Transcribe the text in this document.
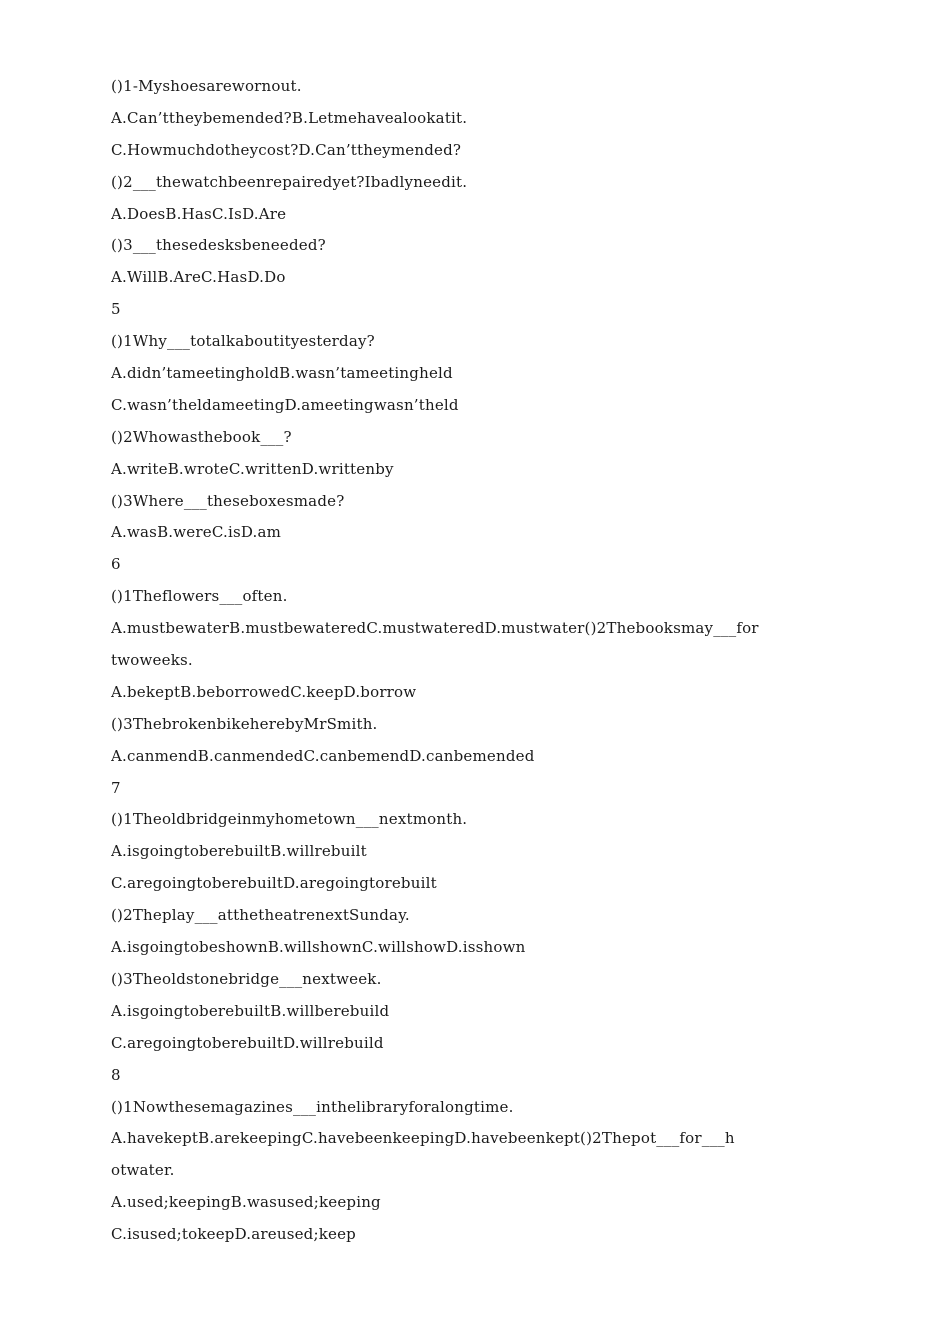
()1-Myshoesarewornout.
A.Can’ttheybemended?B.Letmehavealookatit.
C.Howmuchdotheycost?D.Can’ttheymended?
()2___thewatchbeenrepairedyet?Ibadlyneedit.
A.DoesB.HasC.IsD.Are
()3___thesedesksbeneeded?
A.WillB.AreC.HasD.Do
5
()1Why___totalkaboutityesterday?
A.didn’tameetingholdB.wasn’tameetingheld
C.wasn’theldameetingD.ameetingwasn’theld
()2Whowasthebook___?
A.writeB.wroteC.writtenD.writtenby
()3Where___theseboxesmade?
A.wasB.wereC.isD.am
6
()1Theflowers___often.
A.mustbewaterB.mustbewateredC.mustwateredD.mustwater()2Thebooksmay___for
twoweeks.
A.bekeptB.beborrowedC.keepD.borrow
()3ThebrokenbikeherebyMrSmith.
A.canmendB.canmendedC.canbemendD.canbemended
7
()1Theoldbridgeinmyhometown___nextmonth.
A.isgoingtoberebuiltB.willrebuilt
C.aregoingtoberebuiltD.aregoingtorebuilt
()2Theplay___atthetheatrenextSunday.
A.isgoingtobeshownB.willshownC.willshowD.isshown
()3Theoldstonebridge___nextweek.
A.isgoingtoberebuiltB.willberebuild
C.aregoingtoberebuiltD.willrebuild
8
()1Nowthesemagazines___inthelibraryforalongtime.
A.havekeptB.arekeepingC.havebeenkeepingD.havebeenkept()2Thepot___for___h
otwater.
A.used;keepingB.wasused;keeping
C.isused;tokeepD.areused;keep
